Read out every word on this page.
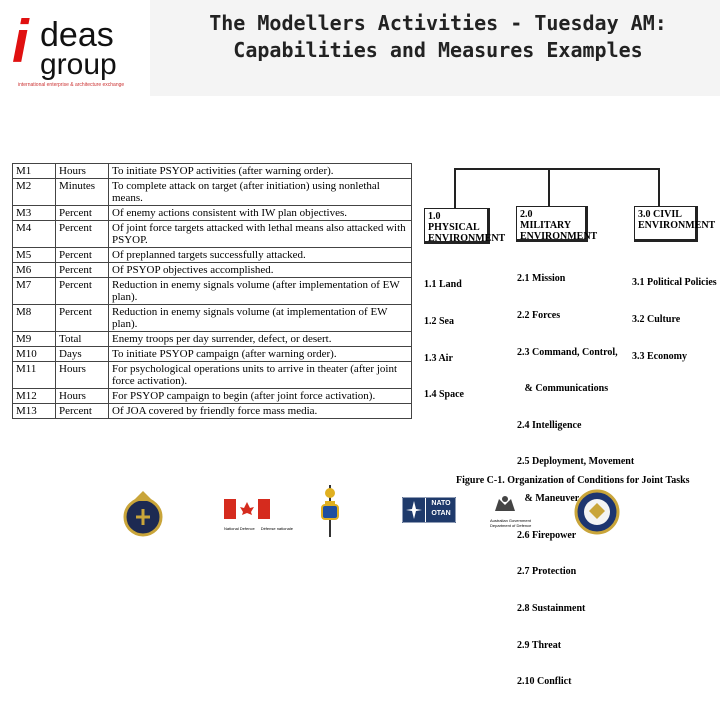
i deas
group
international enterprise & architecture exchange
The Modellers Activities - Tuesday AM:
Capabilities and Measures Examples
M1	Hours	To initiate PSYOP activities (after warning order).
M2	Minutes	To complete attack on target (after initiation) using nonlethal means.
M3	Percent	Of enemy actions consistent with IW plan objectives.
M4	Percent	Of joint force targets attacked with lethal means also attacked with PSYOP.
M5	Percent	Of preplanned targets successfully attacked.
M6	Percent	Of PSYOP objectives accomplished.
M7	Percent	Reduction in enemy signals volume (after implementation of EW plan).
M8	Percent	Reduction in enemy signals volume (at implementation of EW plan).
M9	Total	Enemy troops per day surrender, defect, or desert.
M10	Days	To initiate PSYOP campaign (after warning order).
M11	Hours	For psychological operations units to arrive in theater (after joint force activation).
M12	Hours	For PSYOP campaign to begin (after joint force activation).
M13	Percent	Of JOA covered by friendly force mass media.
1.0 PHYSICAL ENVIRONMENT
2.0 MILITARY ENVIRONMENT
3.0 CIVIL ENVIRONMENT

1.1 Land

1.2 Sea

1.3 Air

1.4 Space

2.1 Mission

2.2 Forces

2.3 Command, Control,

& Communications

2.4 Intelligence

2.5 Deployment, Movement

& Maneuver

2.6 Firepower

2.7 Protection

2.8 Sustainment

2.9 Threat

2.10 Conflict

3.1 Political Policies

3.2 Culture

3.3 Economy

Figure C-1. Organization of Conditions for Joint Tasks
National Defence Défense nationale
NATO
OTAN
Australian Government Department of Defence
